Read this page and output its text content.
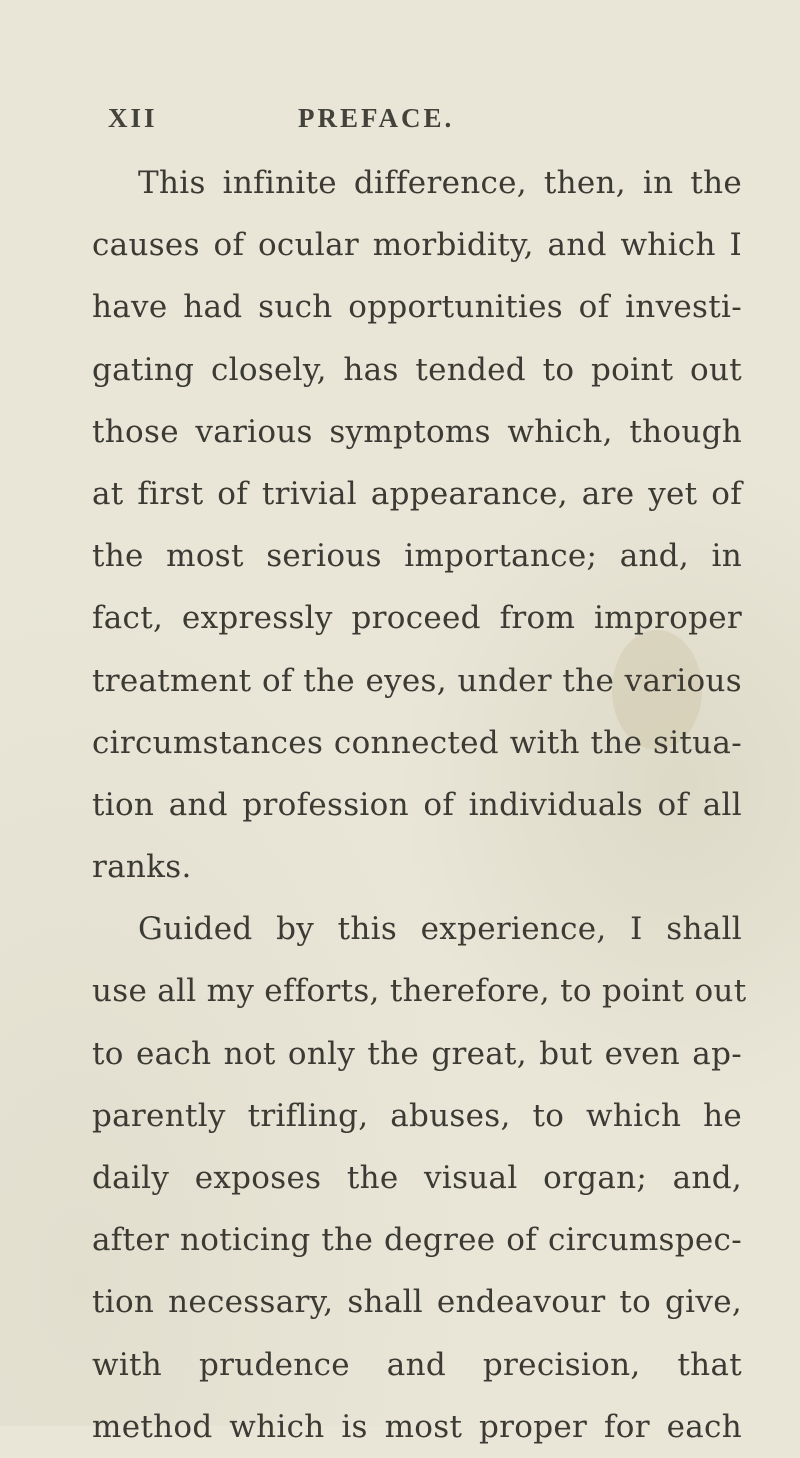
XII	PREFACE.
This infinite difference, then, in the
causes of ocular morbidity, and which I
have had such opportunities of investi-
gating closely, has tended to point out
those various symptoms which, though
at first of trivial appearance, are yet of
the most serious importance; and, in
fact, expressly proceed from improper
treatment of the eyes, under the various
circumstances connected with the situa-
tion and profession of individuals of all
ranks.
Guided by this experience, I shall
use all my efforts, therefore, to point out
to each not only the great, but even ap-
parently trifling, abuses, to which he
daily exposes the visual organ; and,
after noticing the degree of circumspec-
tion necessary, shall endeavour to give,
with prudence and precision, that
method which is most proper for each
